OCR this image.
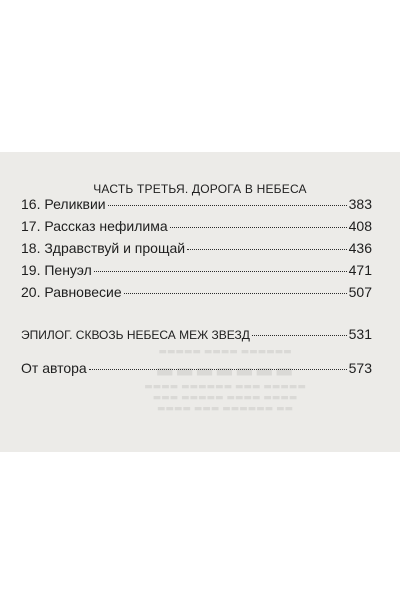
▬▬▬▬▬ ▬▬▬▬ ▬▬▬▬▬▬
▬▬▬▬▬▬▬
▬▬▬▬ ▬▬▬▬▬▬ ▬▬▬ ▬▬▬▬▬
▬▬▬ ▬▬▬▬▬ ▬▬▬▬ ▬▬▬▬
▬▬▬▬ ▬▬▬ ▬▬▬▬▬▬ ▬▬
ЧАСТЬ ТРЕТЬЯ. ДОРОГА В НЕБЕСА
16. Реликвии	383
17. Рассказ нефилима	408
18. Здравствуй и прощай	436
19. Пенуэл	471
20. Равновесие	507
ЭПИЛОГ. СКВОЗЬ НЕБЕСА МЕЖ ЗВЕЗД	531
От автора	573
